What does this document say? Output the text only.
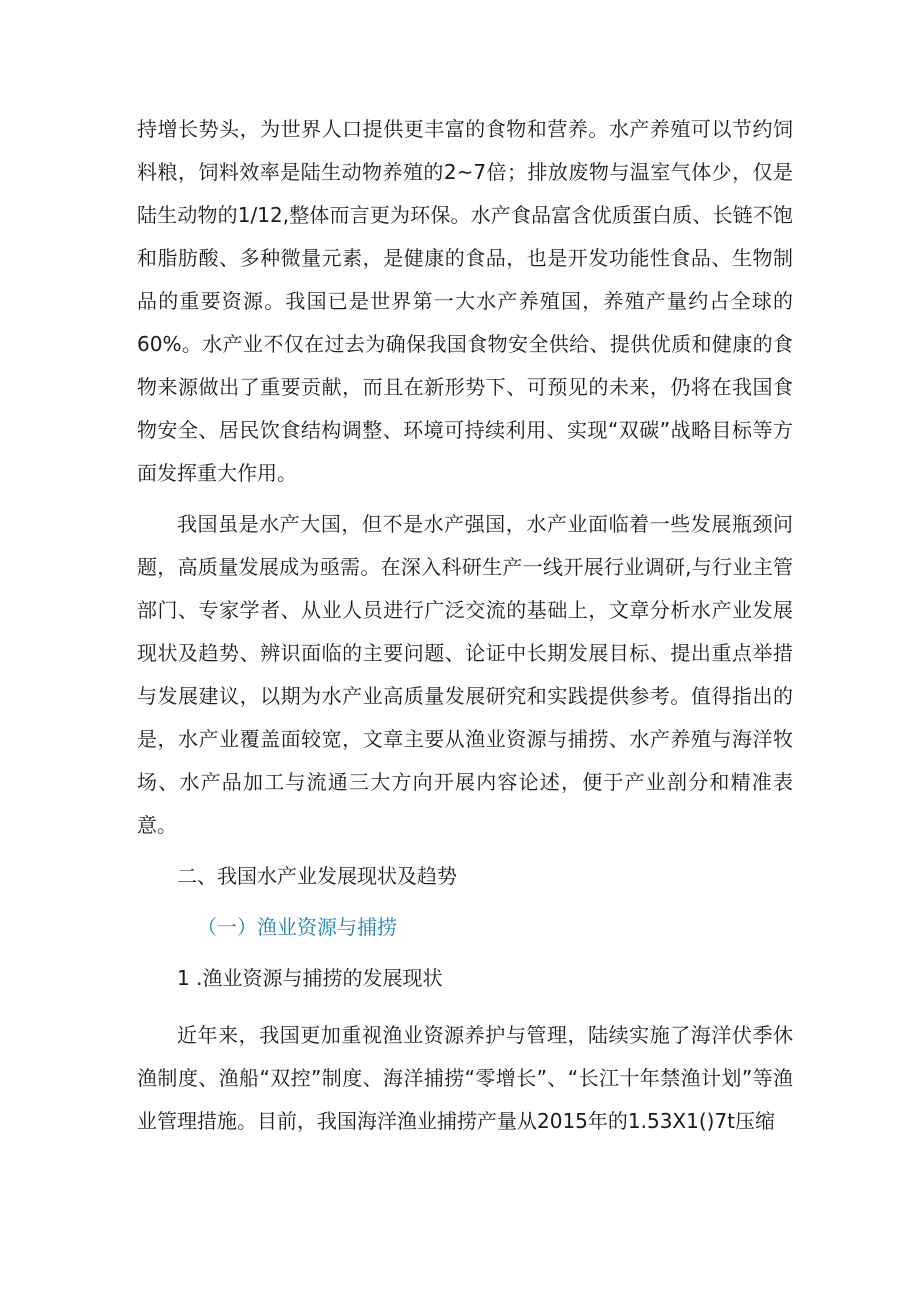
持增长势头，为世界人口提供更丰富的食物和营养。水产养殖可以节约饲料粮，饲料效率是陆生动物养殖的2~7倍；排放废物与温室气体少，仅是陆生动物的1/12,整体而言更为环保。水产食品富含优质蛋白质、长链不饱和脂肪酸、多种微量元素，是健康的食品，也是开发功能性食品、生物制品的重要资源。我国已是世界第一大水产养殖国，养殖产量约占全球的60%。水产业不仅在过去为确保我国食物安全供给、提供优质和健康的食物来源做出了重要贡献，而且在新形势下、可预见的未来，仍将在我国食物安全、居民饮食结构调整、环境可持续利用、实现“双碳”战略目标等方面发挥重大作用。

我国虽是水产大国，但不是水产强国，水产业面临着一些发展瓶颈问题，高质量发展成为亟需。在深入科研生产一线开展行业调研,与行业主管部门、专家学者、从业人员进行广泛交流的基础上，文章分析水产业发展现状及趋势、辨识面临的主要问题、论证中长期发展目标、提出重点举措与发展建议，以期为水产业高质量发展研究和实践提供参考。值得指出的是，水产业覆盖面较宽，文章主要从渔业资源与捕捞、水产养殖与海洋牧场、水产品加工与流通三大方向开展内容论述，便于产业剖分和精准表意。

二、我国水产业发展现状及趋势

（一）渔业资源与捕捞

1 .渔业资源与捕捞的发展现状

近年来，我国更加重视渔业资源养护与管理，陆续实施了海洋伏季休渔制度、渔船“双控”制度、海洋捕捞“零增长”、“长江十年禁渔计划”等渔业管理措施。目前，我国海洋渔业捕捞产量从2015年的1.53X1()7t压缩
